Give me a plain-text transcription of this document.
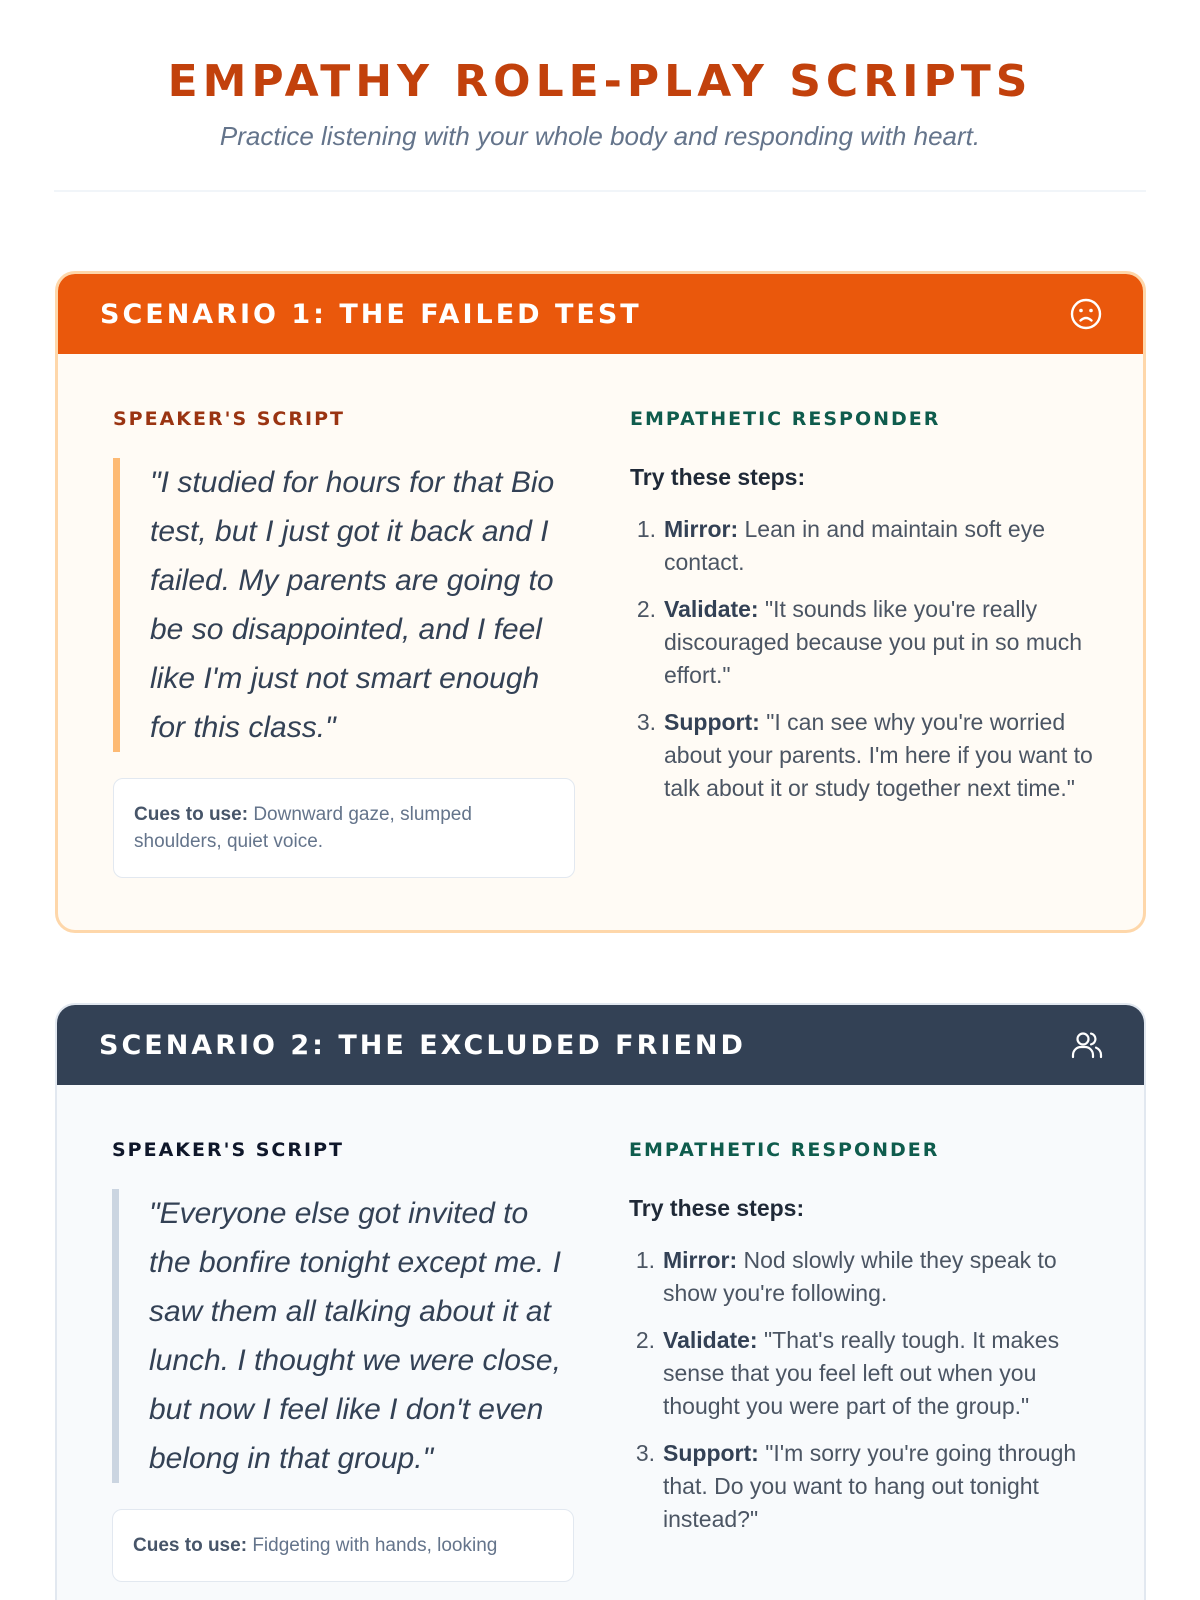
EMPATHY ROLE-PLAY SCRIPTS

Practice listening with your whole body and responding with heart.

SCENARIO 1: THE FAILED TEST
SPEAKER'S SCRIPT
"I studied for hours for that Bio test, but I just got it back and I failed. My parents are going to be so disappointed, and I feel like I'm just not smart enough for this class."
Cues to use: Downward gaze, slumped shoulders, quiet voice.
EMPATHETIC RESPONDER
Try these steps:
1. Mirror: Lean in and maintain soft eye contact.
2. Validate: "It sounds like you're really discouraged because you put in so much effort."
3. Support: "I can see why you're worried about your parents. I'm here if you want to talk about it or study together next time."
SCENARIO 2: THE EXCLUDED FRIEND
SPEAKER'S SCRIPT
"Everyone else got invited to the bonfire tonight except me. I saw them all talking about it at lunch. I thought we were close, but now I feel like I don't even belong in that group."
Cues to use: Fidgeting with hands, looking
EMPATHETIC RESPONDER
Try these steps:
1. Mirror: Nod slowly while they speak to show you're following.
2. Validate: "That's really tough. It makes sense that you feel left out when you thought you were part of the group."
3. Support: "I'm sorry you're going through that. Do you want to hang out tonight instead?"
